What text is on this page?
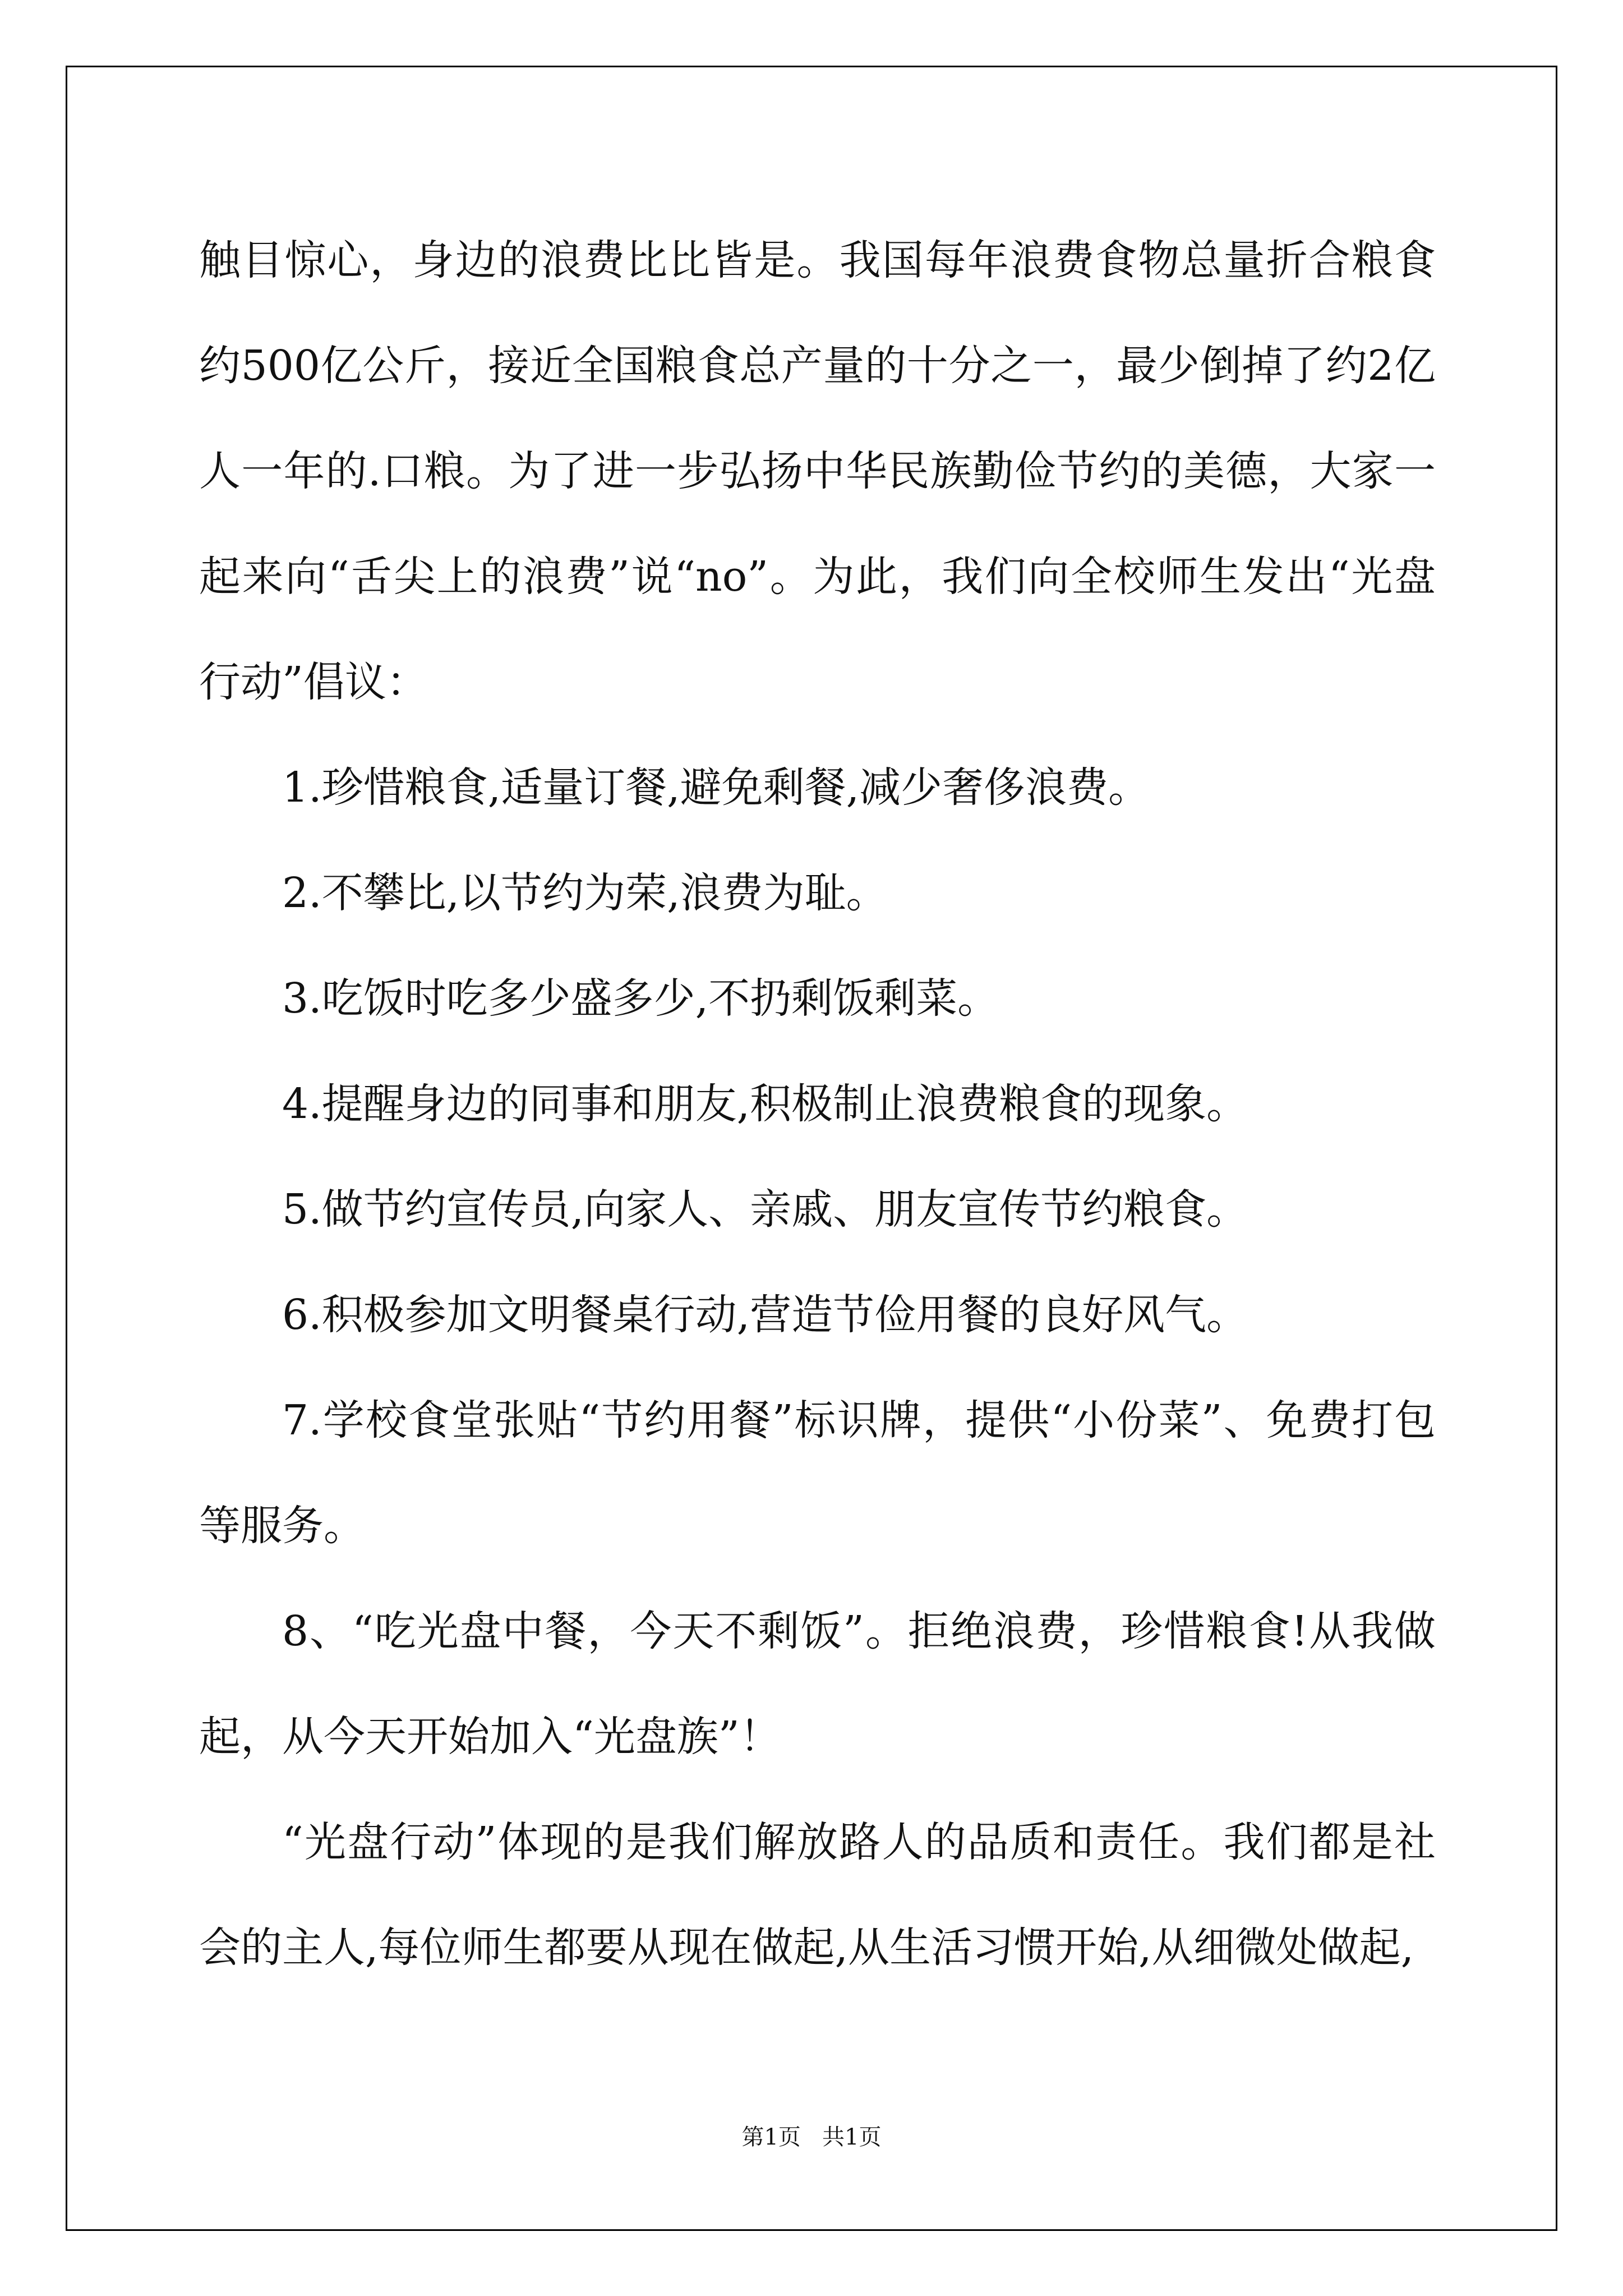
触目惊心，身边的浪费比比皆是。我国每年浪费食物总量折合粮食约500亿公斤，接近全国粮食总产量的十分之一，最少倒掉了约2亿人一年的.口粮。为了进一步弘扬中华民族勤俭节约的美德，大家一起来向“舌尖上的浪费”说“no”。为此，我们向全校师生发出“光盘行动”倡议：

1.珍惜粮食,适量订餐,避免剩餐,减少奢侈浪费。

2.不攀比,以节约为荣,浪费为耻。

3.吃饭时吃多少盛多少,不扔剩饭剩菜。

4.提醒身边的同事和朋友,积极制止浪费粮食的现象。

5.做节约宣传员,向家人、亲戚、朋友宣传节约粮食。

6.积极参加文明餐桌行动,营造节俭用餐的良好风气。

7.学校食堂张贴“节约用餐”标识牌，提供“小份菜”、免费打包等服务。

8、“吃光盘中餐，今天不剩饭”。拒绝浪费，珍惜粮食!从我做起，从今天开始加入“光盘族”！

“光盘行动”体现的是我们解放路人的品质和责任。我们都是社会的主人,每位师生都要从现在做起,从生活习惯开始,从细微处做起,

第1页   共1页
